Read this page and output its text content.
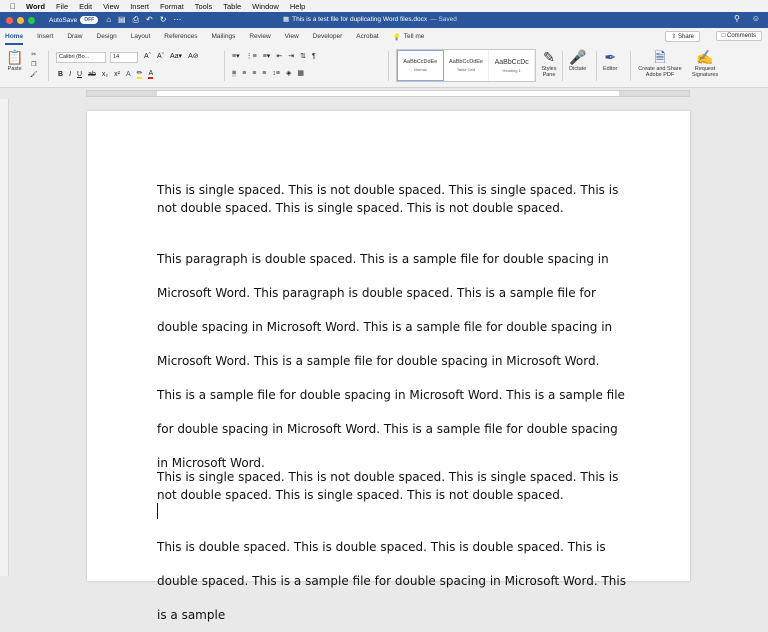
Word File Edit View Insert Format Tools Table Window Help
AutoSave	OFF	⌂ ▤ ⎙ ↶ ↻ ⋯	▦ This is a test file for duplicating Word files.docx — Saved	⚲ ☺
Home Insert Draw Design Layout References Mailings Review View Developer Acrobat 💡 Tell me	⇧ Share	□ Comments
📋
Paste
✂
❐
🖌
Calibri (Bo...	14	Aˆ Aˇ Aa▾ A⊘
B I U ab x₂ x² A ✏ A
≡▾ ⋮≡ ≡▾ ⇤ ⇥ ⇅ ¶
≡ ≡ ≡ ≡ ↕≡ ◈ ▦
AaBbCcDdEe
Normal
AaBbCcDdEe
Table Grid
AaBbCcDc
Heading 1
✎
Styles Pane
🎤
Dictate
✒
Editor
🗎
Create and Share Adobe PDF
✍
Request Signatures

This is single spaced. This is not double spaced. This is single spaced. This is not double spaced. This is single spaced. This is not double spaced.

This paragraph is double spaced. This is a sample file for double spacing in Microsoft Word. This paragraph is double spaced. This is a sample file for double spacing in Microsoft Word. This is a sample file for double spacing in Microsoft Word. This is a sample file for double spacing in Microsoft Word. This is a sample file for double spacing in Microsoft Word. This is a sample file for double spacing in Microsoft Word. This is a sample file for double spacing in Microsoft Word.

This is single spaced. This is not double spaced. This is single spaced. This is not double spaced. This is single spaced. This is not double spaced.

This is double spaced. This is double spaced. This is double spaced. This is double spaced. This is a sample file for double spacing in Microsoft Word. This is a sample
